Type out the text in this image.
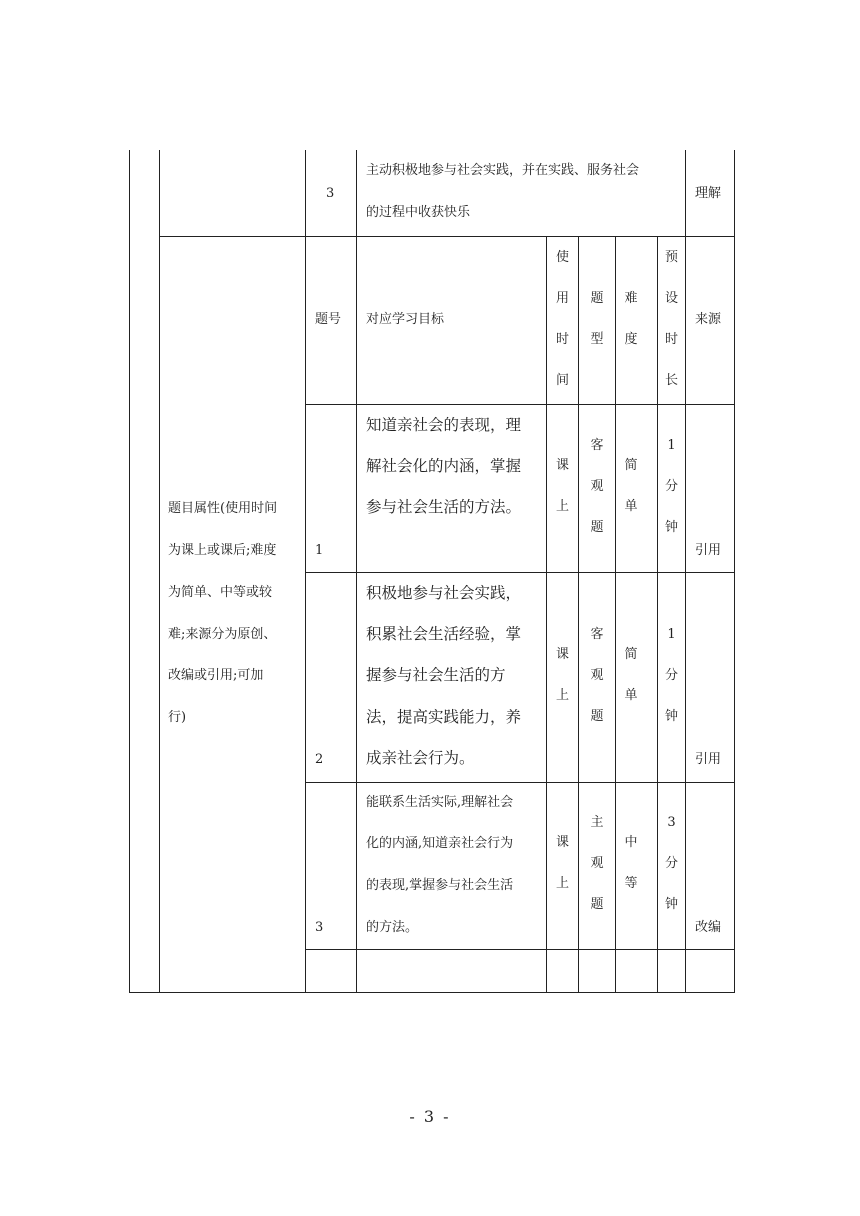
3
主动积极地参与社会实践，并在实践、服务社会
的过程中收获快乐
理解
题目属性(使用时间
为课上或课后;难度
为简单、中等或较
难;来源分为原创、
改编或引用;可加
行)
题号 对应学习目标
使
用
时
间
题
型
难
度
预
设
时
长
来源
1
知道亲社会的表现，理
解社会化的内涵，掌握
参与社会生活的方法。
课
上
客
观
题
简
单
1
分
钟
引用
2
积极地参与社会实践，
积累社会生活经验，掌
握参与社会生活的方
法，提高实践能力，养
成亲社会行为。
课
上
客
观
题
简
单
1
分
钟
引用
3
能联系生活实际,理解社会
化的内涵,知道亲社会行为
的表现,掌握参与社会生活
的方法。
课
上
主
观
题
中
等
3
分
钟
改编
- 3 -
